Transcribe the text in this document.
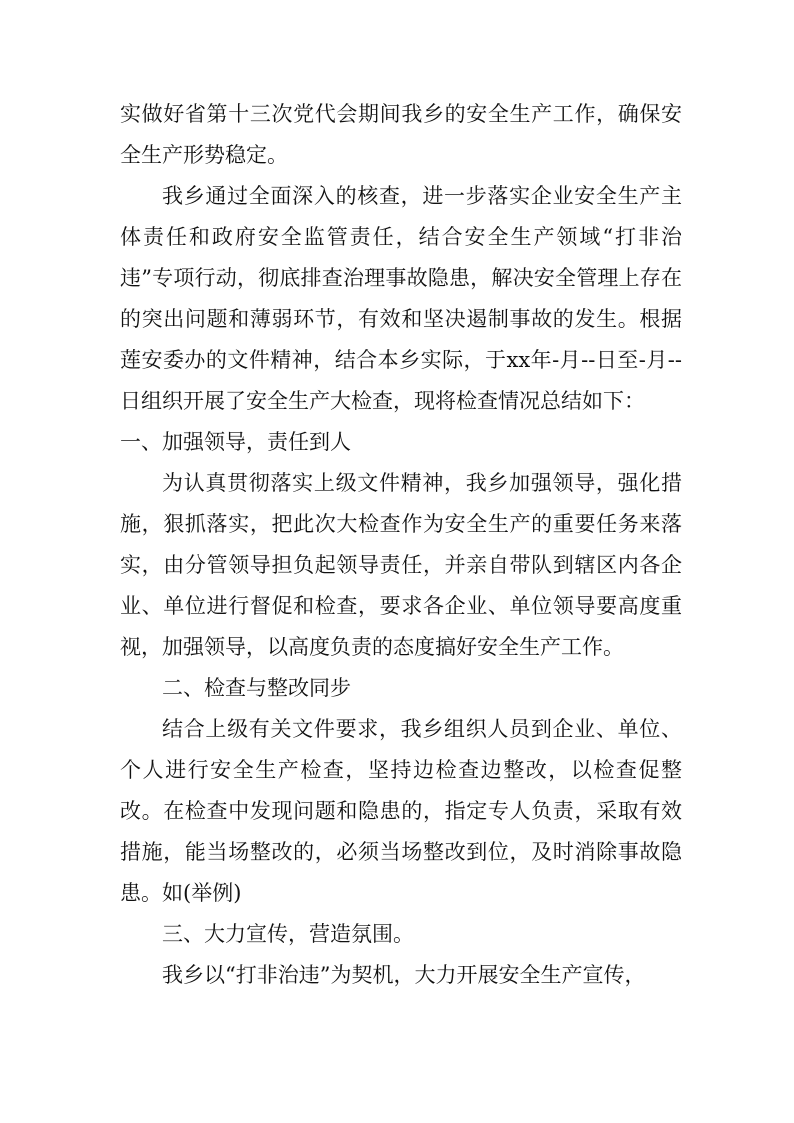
实做好省第十三次党代会期间我乡的安全生产工作，确保安全生产形势稳定。

我乡通过全面深入的核查，进一步落实企业安全生产主体责任和政府安全监管责任，结合安全生产领域“打非治违”专项行动，彻底排查治理事故隐患，解决安全管理上存在的突出问题和薄弱环节，有效和坚决遏制事故的发生。根据莲安委办的文件精神，结合本乡实际，于xx年-月--日至-月--日组织开展了安全生产大检查，现将检查情况总结如下：

一、加强领导，责任到人

为认真贯彻落实上级文件精神，我乡加强领导，强化措施，狠抓落实，把此次大检查作为安全生产的重要任务来落实，由分管领导担负起领导责任，并亲自带队到辖区内各企业、单位进行督促和检查，要求各企业、单位领导要高度重视，加强领导，以高度负责的态度搞好安全生产工作。

二、检查与整改同步

结合上级有关文件要求，我乡组织人员到企业、单位、个人进行安全生产检查，坚持边检查边整改，以检查促整改。在检查中发现问题和隐患的，指定专人负责，采取有效措施，能当场整改的，必须当场整改到位，及时消除事故隐患。如(举例)

三、大力宣传，营造氛围。

我乡以“打非治违”为契机，大力开展安全生产宣传，
